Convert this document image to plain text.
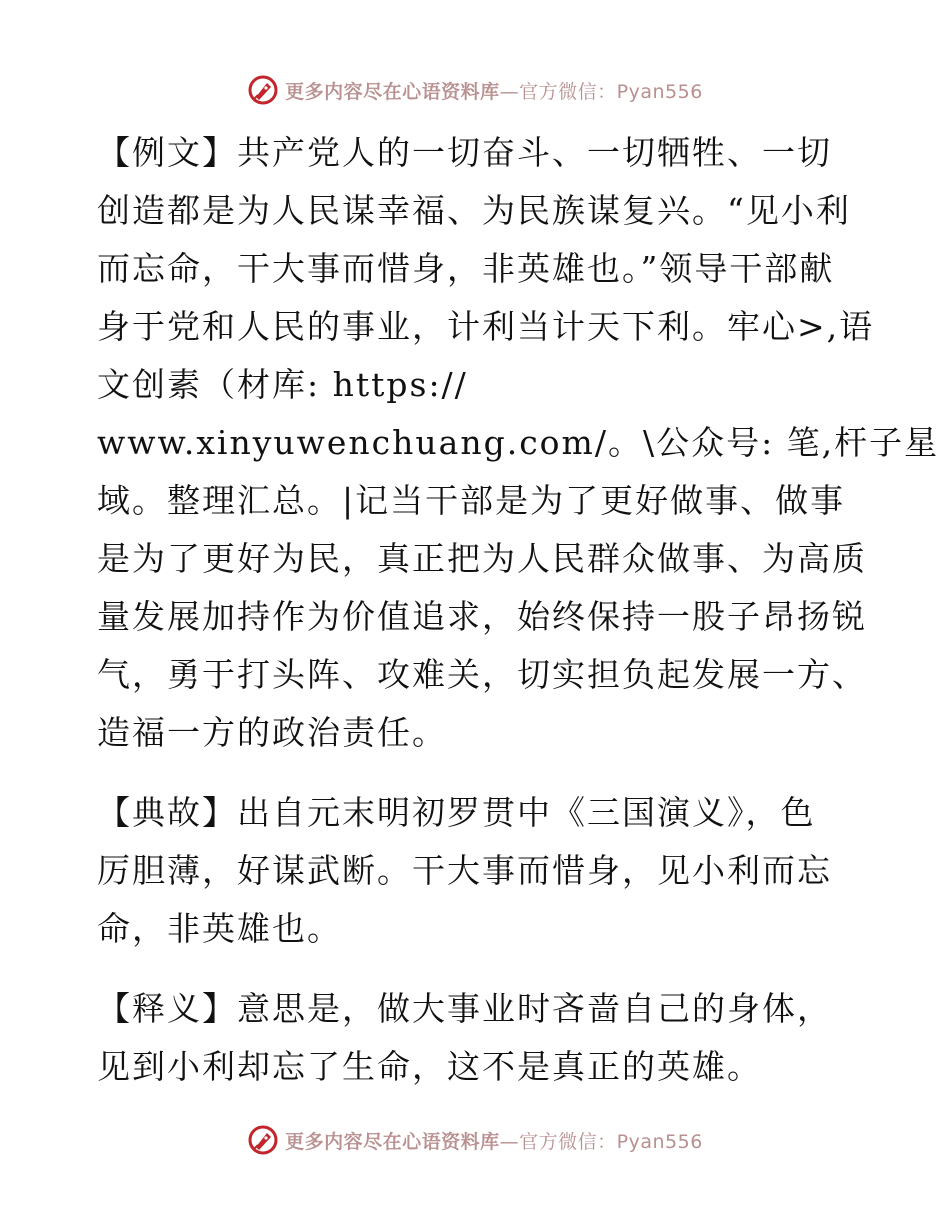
更多内容尽在心语资料库—官方微信：Pyan556
【例文】共产党人的一切奋斗、一切牺牲、一切
创造都是为人民谋幸福、为民族谋复兴。“见小利
而忘命，干大事而惜身，非英雄也。”领导干部献
身于党和人民的事业，计利当计天下利。牢心>,语
文创素（材库: https://
www.xinyuwenchuang.com/。\公众号: 笔,杆子星
域。整理汇总。|记当干部是为了更好做事、做事
是为了更好为民，真正把为人民群众做事、为高质
量发展加持作为价值追求，始终保持一股子昂扬锐
气，勇于打头阵、攻难关，切实担负起发展一方、
造福一方的政治责任。
【典故】出自元末明初罗贯中《三国演义》，色
厉胆薄，好谋武断。干大事而惜身，见小利而忘
命，非英雄也。
【释义】意思是，做大事业时吝啬自己的身体，
见到小利却忘了生命，这不是真正的英雄。
更多内容尽在心语资料库—官方微信：Pyan556
